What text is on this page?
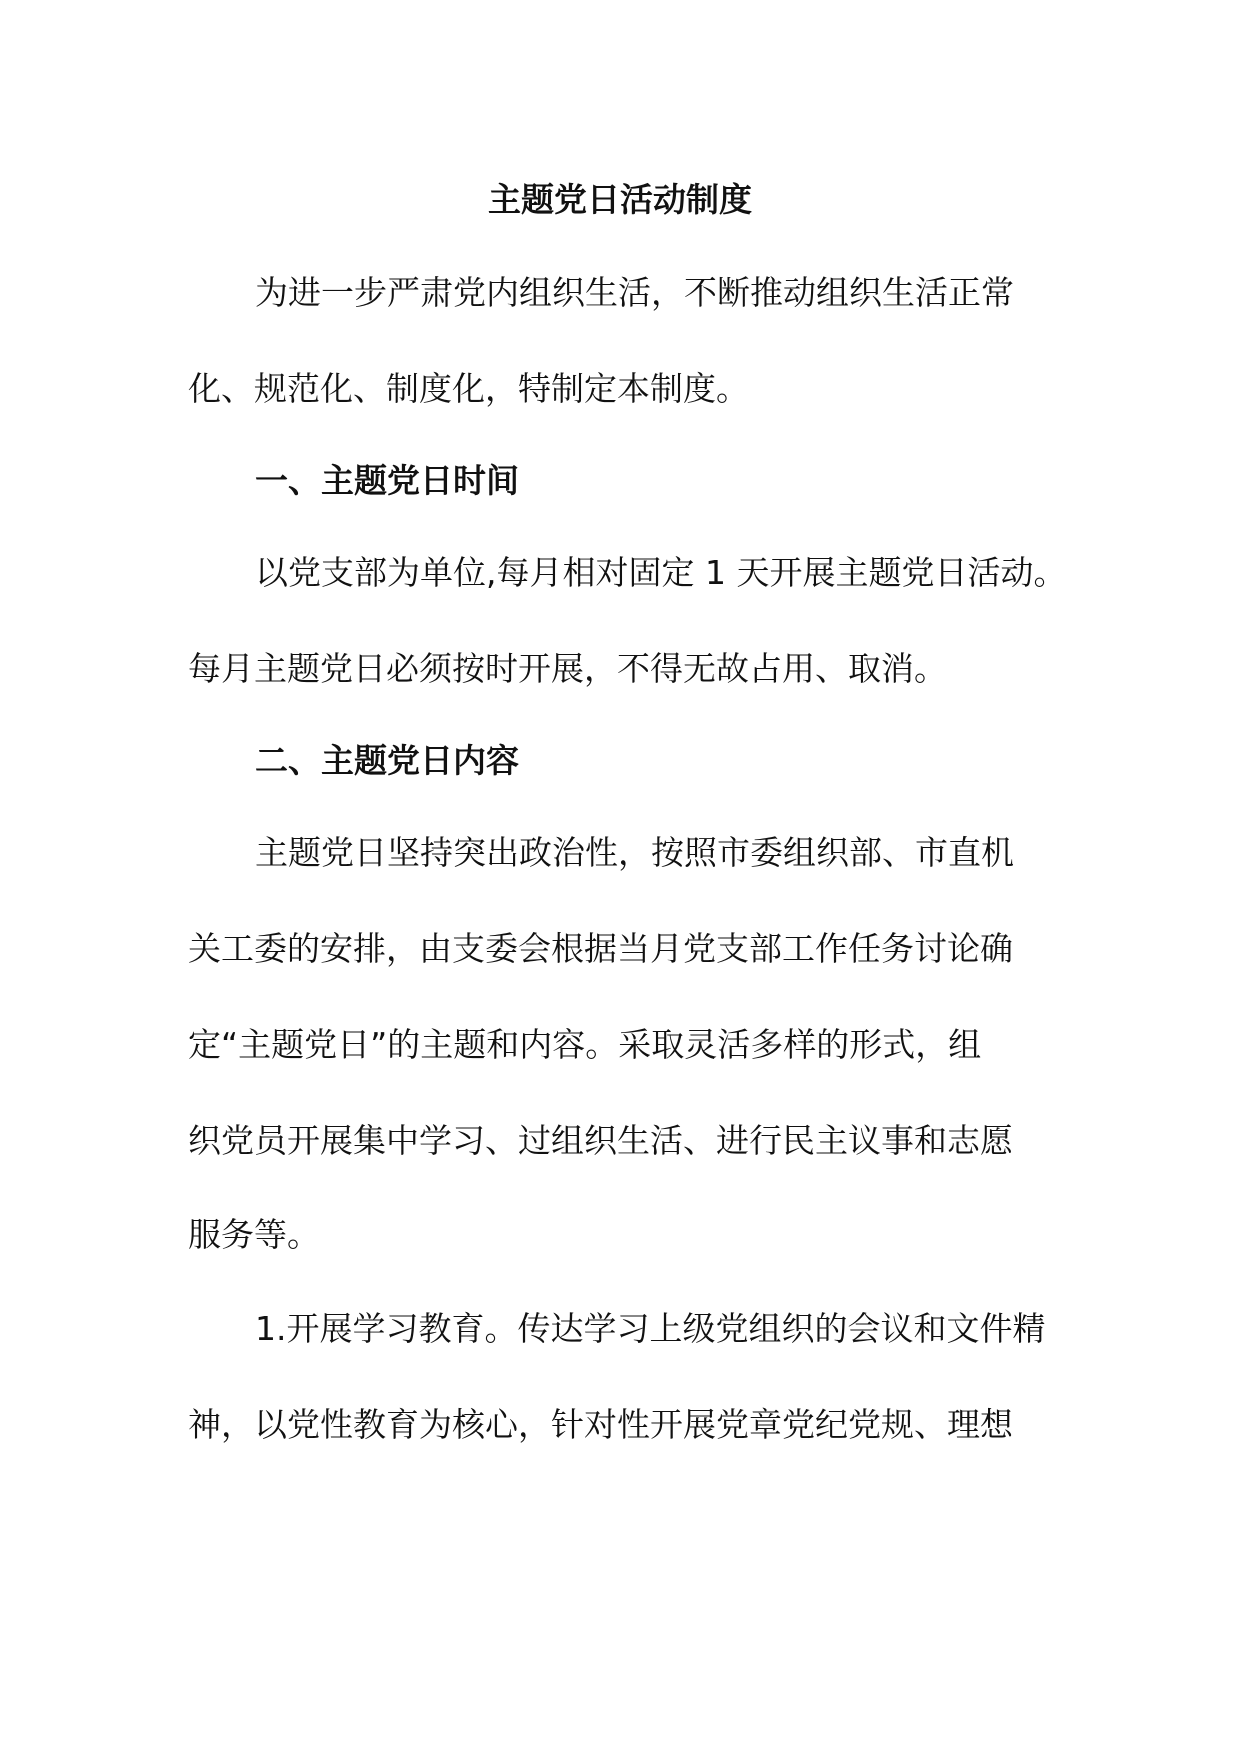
主题党日活动制度
为进一步严肃党内组织生活，不断推动组织生活正常
化、规范化、制度化，特制定本制度。
一、主题党日时间
以党支部为单位,每月相对固定 1 天开展主题党日活动。
每月主题党日必须按时开展，不得无故占用、取消。
二、主题党日内容
主题党日坚持突出政治性，按照市委组织部、市直机
关工委的安排，由支委会根据当月党支部工作任务讨论确
定“主题党日”的主题和内容。采取灵活多样的形式，组
织党员开展集中学习、过组织生活、进行民主议事和志愿
服务等。
1.开展学习教育。传达学习上级党组织的会议和文件精
神，以党性教育为核心，针对性开展党章党纪党规、理想
